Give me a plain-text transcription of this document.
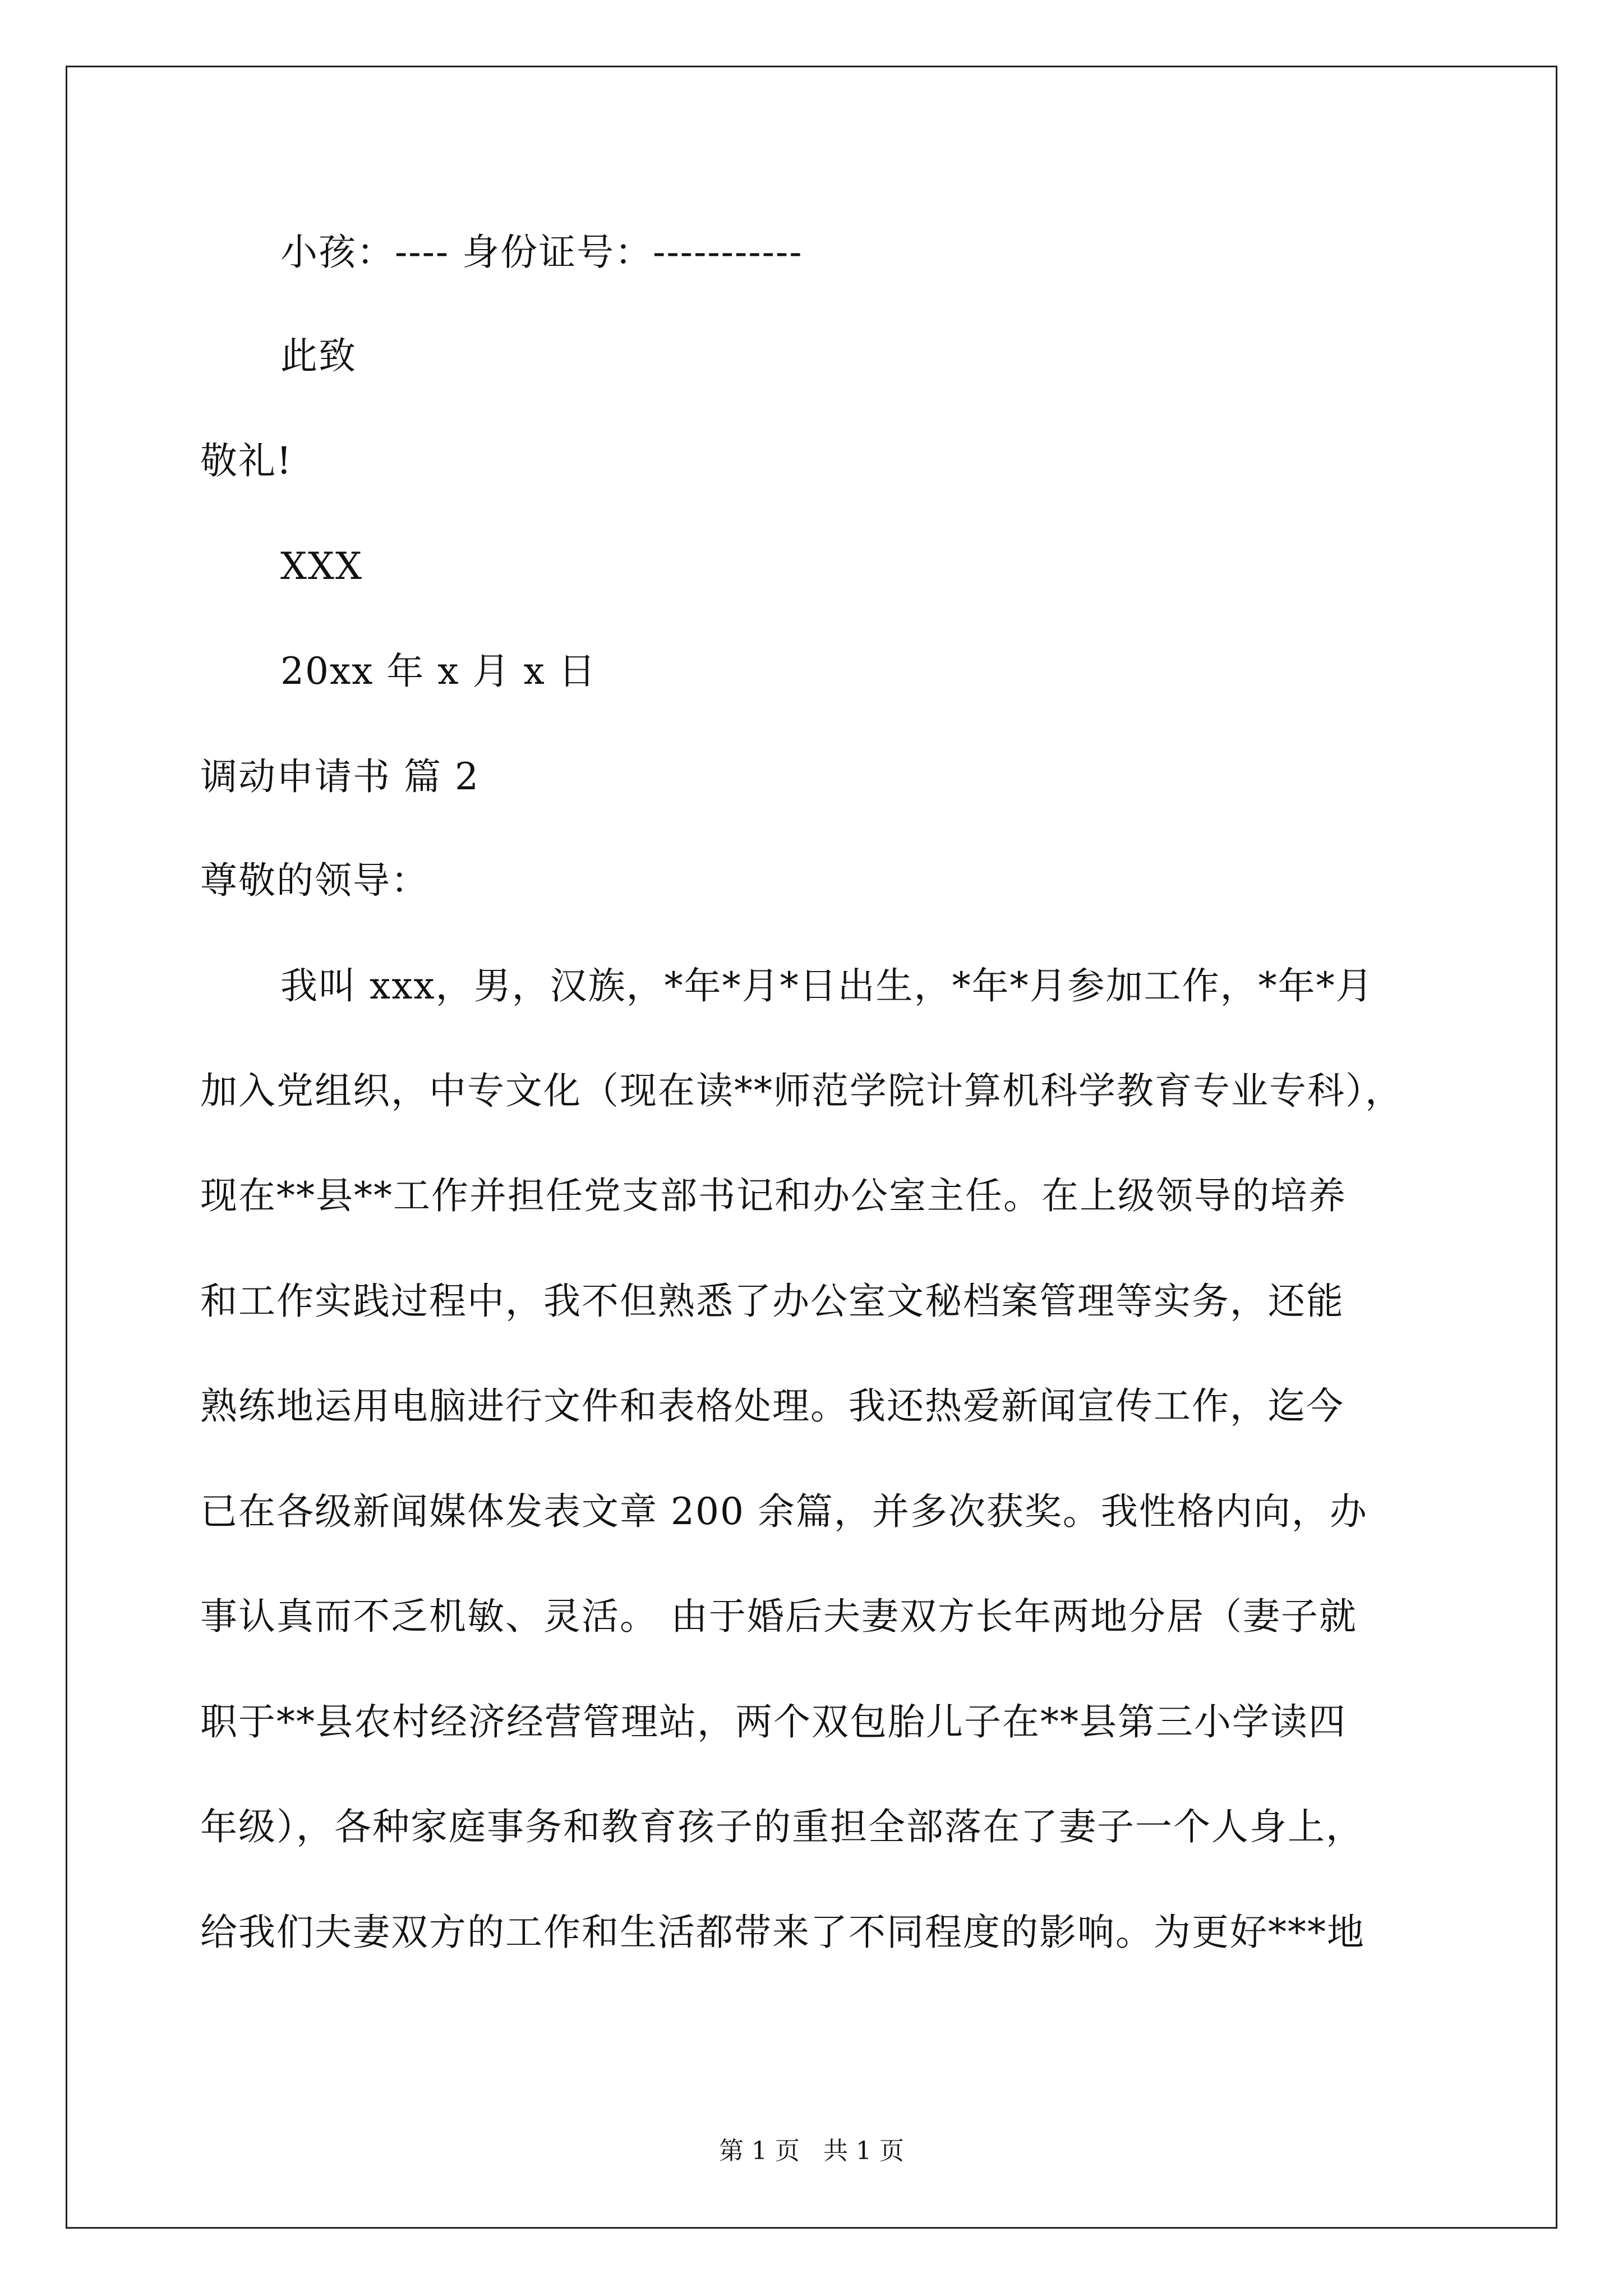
小孩：---- 身份证号：-----------
此致
敬礼!
XXX
20xx 年 x 月 x 日
调动申请书 篇 2
尊敬的领导：
我叫 xxx，男，汉族，*年*月*日出生，*年*月参加工作，*年*月
加入党组织，中专文化（现在读**师范学院计算机科学教育专业专科），
现在**县**工作并担任党支部书记和办公室主任。在上级领导的培养
和工作实践过程中，我不但熟悉了办公室文秘档案管理等实务，还能
熟练地运用电脑进行文件和表格处理。我还热爱新闻宣传工作，迄今
已在各级新闻媒体发表文章 200 余篇，并多次获奖。我性格内向，办
事认真而不乏机敏、灵活。 由于婚后夫妻双方长年两地分居（妻子就
职于**县农村经济经营管理站，两个双包胎儿子在**县第三小学读四
年级），各种家庭事务和教育孩子的重担全部落在了妻子一个人身上，
给我们夫妻双方的工作和生活都带来了不同程度的影响。为更好***地
第 1 页   共 1 页
